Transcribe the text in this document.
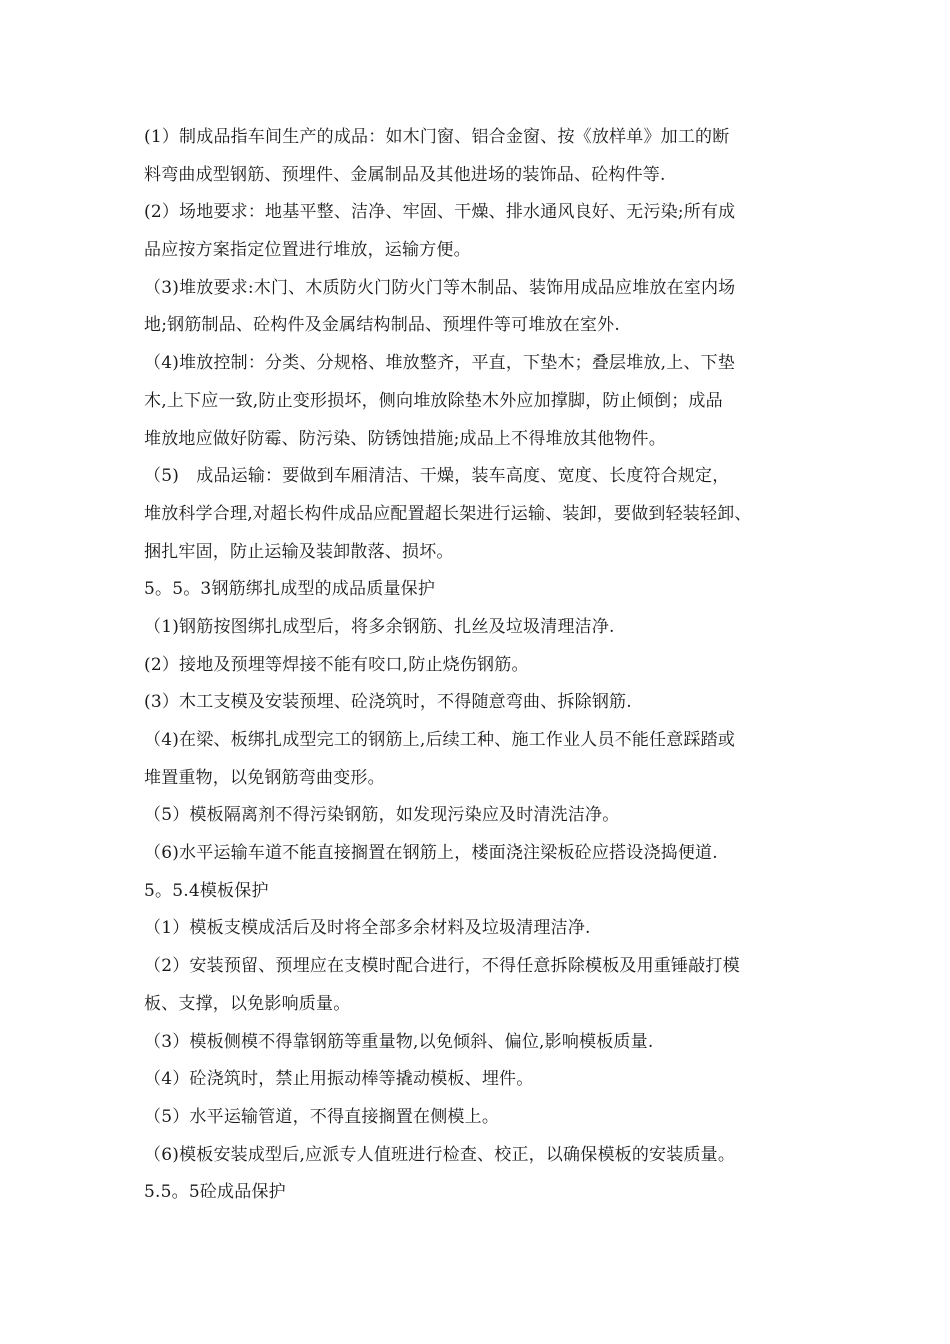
(1）制成品指车间生产的成品：如木门窗、铝合金窗、按《放样单》加工的断
料弯曲成型钢筋、预埋件、金属制品及其他进场的装饰品、砼构件等.
(2）场地要求：地基平整、洁净、牢固、干燥、排水通风良好、无污染;所有成
品应按方案指定位置进行堆放，运输方便。
（3)堆放要求:木门、木质防火门防火门等木制品、装饰用成品应堆放在室内场
地;钢筋制品、砼构件及金属结构制品、预埋件等可堆放在室外.
（4)堆放控制：分类、分规格、堆放整齐，平直，下垫木；叠层堆放,上、下垫
木,上下应一致,防止变形损坏，侧向堆放除垫木外应加撑脚，防止倾倒；成品
堆放地应做好防霉、防污染、防锈蚀措施;成品上不得堆放其他物件。
（5)　成品运输：要做到车厢清洁、干燥，装车高度、宽度、长度符合规定，
堆放科学合理,对超长构件成品应配置超长架进行运输、装卸，要做到轻装轻卸、
捆扎牢固，防止运输及装卸散落、损坏。
5。5。3钢筋绑扎成型的成品质量保护
（1)钢筋按图绑扎成型后，将多余钢筋、扎丝及垃圾清理洁净.
(2）接地及预埋等焊接不能有咬口,防止烧伤钢筋。
(3）木工支模及安装预埋、砼浇筑时，不得随意弯曲、拆除钢筋.
（4)在梁、板绑扎成型完工的钢筋上,后续工种、施工作业人员不能任意踩踏或
堆置重物，以免钢筋弯曲变形。
（5）模板隔离剂不得污染钢筋，如发现污染应及时清洗洁净。
（6)水平运输车道不能直接搁置在钢筋上，楼面浇注梁板砼应搭设浇捣便道.
5。5.4模板保护
（1）模板支模成活后及时将全部多余材料及垃圾清理洁净.
（2）安装预留、预埋应在支模时配合进行，不得任意拆除模板及用重锤敲打模
板、支撑，以免影响质量。
（3）模板侧模不得靠钢筋等重量物,以免倾斜、偏位,影响模板质量.
（4）砼浇筑时，禁止用振动棒等撬动模板、埋件。
（5）水平运输管道，不得直接搁置在侧模上。
（6)模板安装成型后,应派专人值班进行检查、校正，以确保模板的安装质量。
5.5。5砼成品保护
